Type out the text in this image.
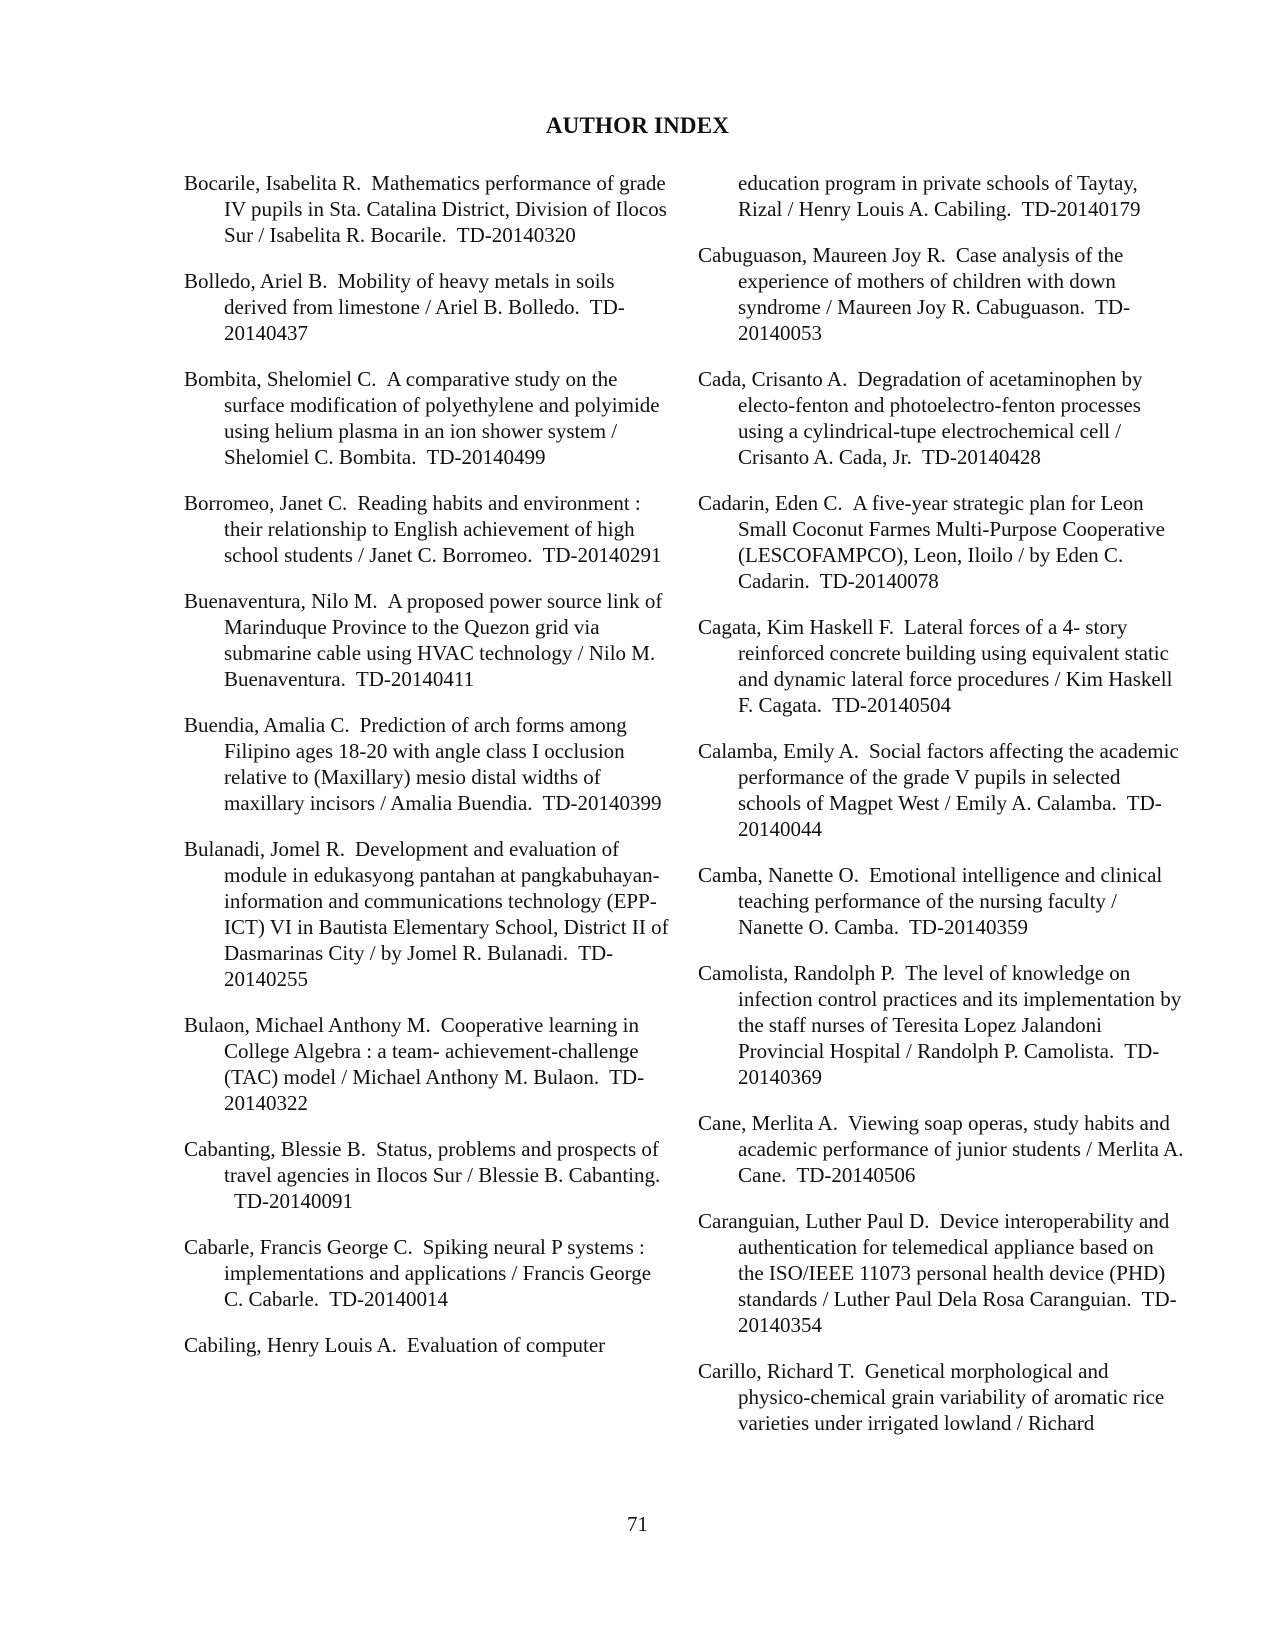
AUTHOR INDEX
Bocarile, Isabelita R. Mathematics performance of grade IV pupils in Sta. Catalina District, Division of Ilocos Sur / Isabelita R. Bocarile. TD-20140320
Bolledo, Ariel B. Mobility of heavy metals in soils derived from limestone / Ariel B. Bolledo. TD-20140437
Bombita, Shelomiel C. A comparative study on the surface modification of polyethylene and polyimide using helium plasma in an ion shower system / Shelomiel C. Bombita. TD-20140499
Borromeo, Janet C. Reading habits and environment : their relationship to English achievement of high school students / Janet C. Borromeo. TD-20140291
Buenaventura, Nilo M. A proposed power source link of Marinduque Province to the Quezon grid via submarine cable using HVAC technology / Nilo M. Buenaventura. TD-20140411
Buendia, Amalia C. Prediction of arch forms among Filipino ages 18-20 with angle class I occlusion relative to (Maxillary) mesio distal widths of maxillary incisors / Amalia Buendia. TD-20140399
Bulanadi, Jomel R. Development and evaluation of module in edukasyong pantahan at pangkabuhayan-information and communications technology (EPP-ICT) VI in Bautista Elementary School, District II of Dasmarinas City / by Jomel R. Bulanadi. TD-20140255
Bulaon, Michael Anthony M. Cooperative learning in College Algebra : a team- achievement-challenge (TAC) model / Michael Anthony M. Bulaon. TD-20140322
Cabanting, Blessie B. Status, problems and prospects of travel agencies in Ilocos Sur / Blessie B. Cabanting.TD-20140091
Cabarle, Francis George C. Spiking neural P systems : implementations and applications / Francis George C. Cabarle. TD-20140014
Cabiling, Henry Louis A. Evaluation of computer
education program in private schools of Taytay, Rizal / Henry Louis A. Cabiling. TD-20140179
Cabuguason, Maureen Joy R. Case analysis of the experience of mothers of children with down syndrome / Maureen Joy R. Cabuguason. TD-20140053
Cada, Crisanto A. Degradation of acetaminophen by electo-fenton and photoelectro-fenton processes using a cylindrical-tupe electrochemical cell / Crisanto A. Cada, Jr. TD-20140428
Cadarin, Eden C. A five-year strategic plan for Leon Small Coconut Farmes Multi-Purpose Cooperative (LESCOFAMPCO), Leon, Iloilo / by Eden C. Cadarin. TD-20140078
Cagata, Kim Haskell F. Lateral forces of a 4- story reinforced concrete building using equivalent static and dynamic lateral force procedures / Kim Haskell F. Cagata. TD-20140504
Calamba, Emily A. Social factors affecting the academic performance of the grade V pupils in selected schools of Magpet West / Emily A. Calamba. TD-20140044
Camba, Nanette O. Emotional intelligence and clinical teaching performance of the nursing faculty / Nanette O. Camba. TD-20140359
Camolista, Randolph P. The level of knowledge on infection control practices and its implementation by the staff nurses of Teresita Lopez Jalandoni Provincial Hospital / Randolph P. Camolista. TD-20140369
Cane, Merlita A. Viewing soap operas, study habits and academic performance of junior students / Merlita A. Cane. TD-20140506
Caranguian, Luther Paul D. Device interoperability and authentication for telemedical appliance based on the ISO/IEEE 11073 personal health device (PHD) standards / Luther Paul Dela Rosa Caranguian. TD-20140354
Carillo, Richard T. Genetical morphological and physico-chemical grain variability of aromatic rice varieties under irrigated lowland / Richard
71
